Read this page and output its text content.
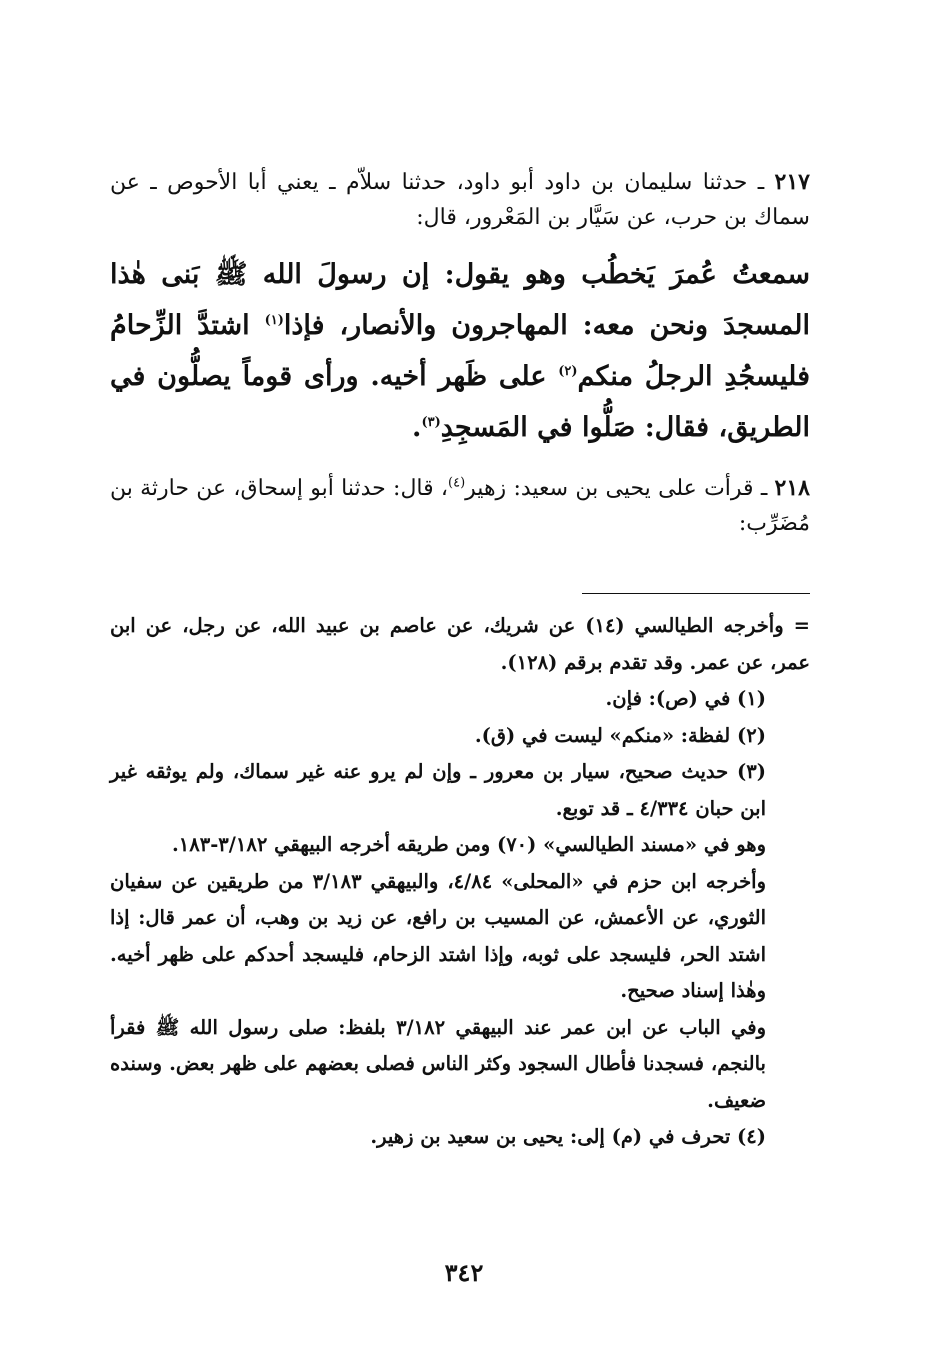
٢١٧ ـ حدثنا سليمان بن داود أبو داود، حدثنا سلاّم ـ يعني أبا الأحوص ـ عن سماك بن حرب، عن سَيَّار بن المَعْرور، قال:

سمعتُ عُمرَ يَخطُب وهو يقول: إن رسولَ الله ﷺ بَنى هٰذا المسجدَ ونحن معه: المهاجرون والأنصار، فإذا$^{(١)}$ اشتدَّ الزِّحامُ فليسجُدِ الرجلُ منكم$^{(٢)}$ على ظَهر أخيه. ورأى قوماً يصلُّون في الطريق، فقال: صَلُّوا في المَسجِدِ$^{(٣)}$.

٢١٨ ـ قرأت على يحيى بن سعيد: زهير$^{(٤)}$، قال: حدثنا أبو إسحاق، عن حارثة بن مُضَرِّب:

= وأخرجه الطيالسي (١٤) عن شريك، عن عاصم بن عبيد الله، عن رجل، عن ابن عمر، عن عمر. وقد تقدم برقم (١٢٨).

(١) في (ص): فإن.

(٢) لفظة: «منكم» ليست في (ق).

(٣) حديث صحيح، سيار بن معرور ـ وإن لم يرو عنه غير سماك، ولم يوثقه غير ابن حبان ٤/٣٣٤ ـ قد توبع.

وهو في «مسند الطيالسي» (٧٠) ومن طريقه أخرجه البيهقي ٣/١٨٢-١٨٣.

وأخرجه ابن حزم في «المحلى» ٤/٨٤، والبيهقي ٣/١٨٣ من طريقين عن سفيان الثوري، عن الأعمش، عن المسيب بن رافع، عن زيد بن وهب، أن عمر قال: إذا اشتد الحر، فليسجد على ثوبه، وإذا اشتد الزحام، فليسجد أحدكم على ظهر أخيه. وهٰذا إسناد صحيح.

وفي الباب عن ابن عمر عند البيهقي ٣/١٨٢ بلفظ: صلى رسول الله ﷺ فقرأ بالنجم، فسجدنا فأطال السجود وكثر الناس فصلى بعضهم على ظهر بعض. وسنده ضعيف.

(٤) تحرف في (م) إلى: يحيى بن سعيد بن زهير.

٣٤٢
